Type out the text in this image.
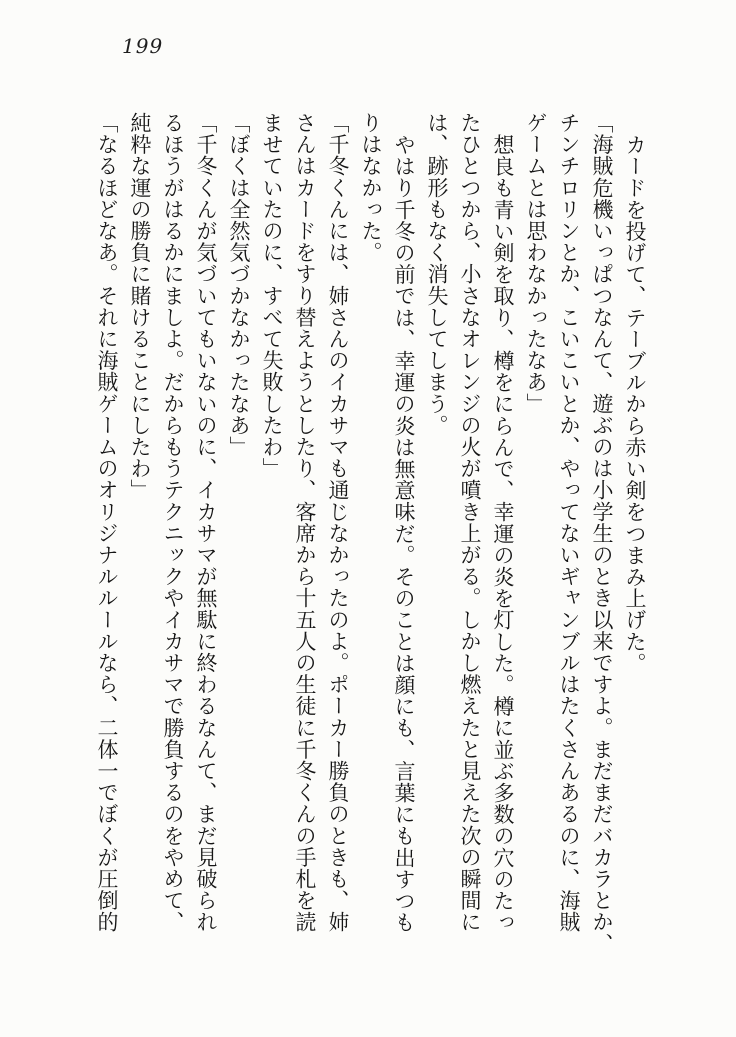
199
カードを投げて、テーブルから赤い剣をつまみ上げた。
「海賊危機いっぱつなんて、遊ぶのは小学生のとき以来ですよ。まだまだバカラとか、
チンチロリンとか、こいこいとか、やってないギャンブルはたくさんあるのに、海賊
ゲームとは思わなかったなあ」
想良も青い剣を取り、樽をにらんで、幸運の炎を灯した。樽に並ぶ多数の穴のたっ
たひとつから、小さなオレンジの火が噴き上がる。しかし燃えたと見えた次の瞬間に
は、跡形もなく消失してしまう。
やはり千冬の前では、幸運の炎は無意味だ。そのことは顔にも、言葉にも出すつも
りはなかった。
「千冬くんには、姉さんのイカサマも通じなかったのよ。ポーカー勝負のときも、姉
さんはカードをすり替えようとしたり、客席から十五人の生徒に千冬くんの手札を読
ませていたのに、すべて失敗したわ」
「ぼくは全然気づかなかったなあ」
「千冬くんが気づいてもいないのに、イカサマが無駄に終わるなんて、まだ見破られ
るほうがはるかにましよ。だからもうテクニックやイカサマで勝負するのをやめて、
純粋な運の勝負に賭けることにしたわ」
「なるほどなあ。それに海賊ゲームのオリジナルルールなら、二体一でぼくが圧倒的
